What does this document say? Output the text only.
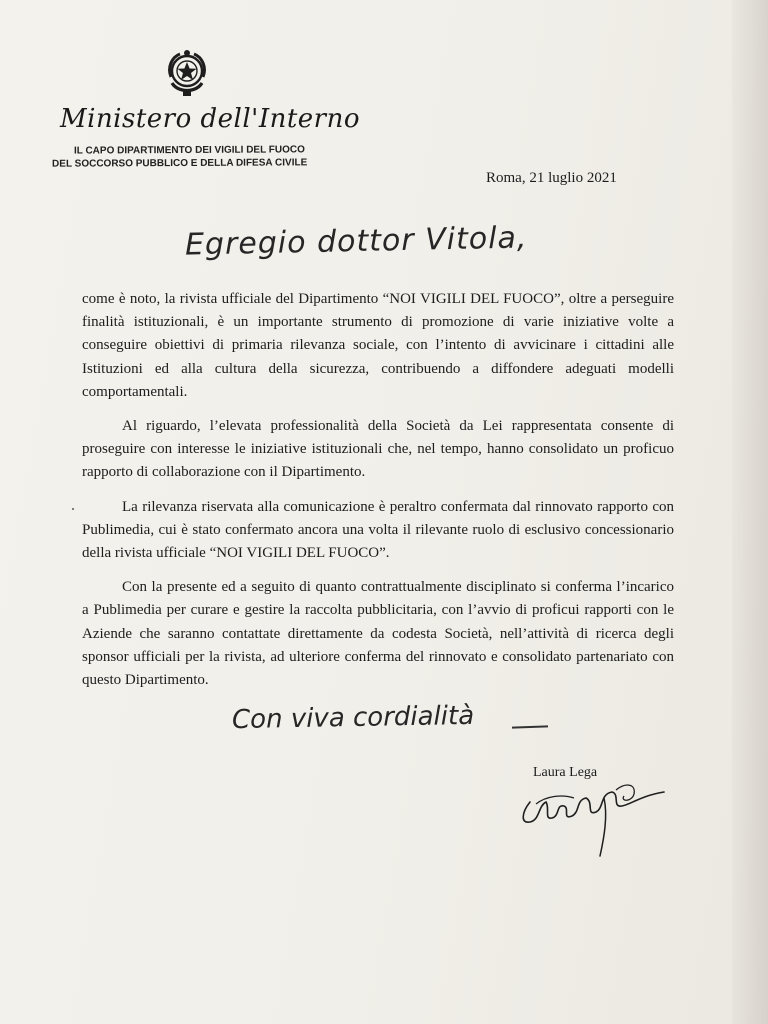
Ministero dell'Interno
IL CAPO DIPARTIMENTO DEI VIGILI DEL FUOCO
DEL SOCCORSO PUBBLICO E DELLA DIFESA CIVILE
Roma, 21 luglio 2021
Egregio dottor Vitola,

come è noto, la rivista ufficiale del Dipartimento “NOI VIGILI DEL FUOCO”, oltre a perseguire finalità istituzionali, è un importante strumento di promozione di varie iniziative volte a conseguire obiettivi di primaria rilevanza sociale, con l’intento di avvicinare i cittadini alle Istituzioni ed alla cultura della sicurezza, contribuendo a diffondere adeguati modelli comportamentali.

Al riguardo, l’elevata professionalità della Società da Lei rappresentata consente di proseguire con interesse le iniziative istituzionali che, nel tempo, hanno consolidato un proficuo rapporto di collaborazione con il Dipartimento.

La rilevanza riservata alla comunicazione è peraltro confermata dal rinnovato rapporto con Publimedia, cui è stato confermato ancora una volta il rilevante ruolo di esclusivo concessionario della rivista ufficiale “NOI VIGILI DEL FUOCO”.

Con la presente ed a seguito di quanto contrattualmente disciplinato si conferma l’incarico a Publimedia per curare e gestire la raccolta pubblicitaria, con l’avvio di proficui rapporti con le Aziende che saranno contattate direttamente da codesta Società, nell’attività di ricerca degli sponsor ufficiali per la rivista, ad ulteriore conferma del rinnovato e consolidato partenariato con questo Dipartimento.

Con viva cordialità
Laura Lega
